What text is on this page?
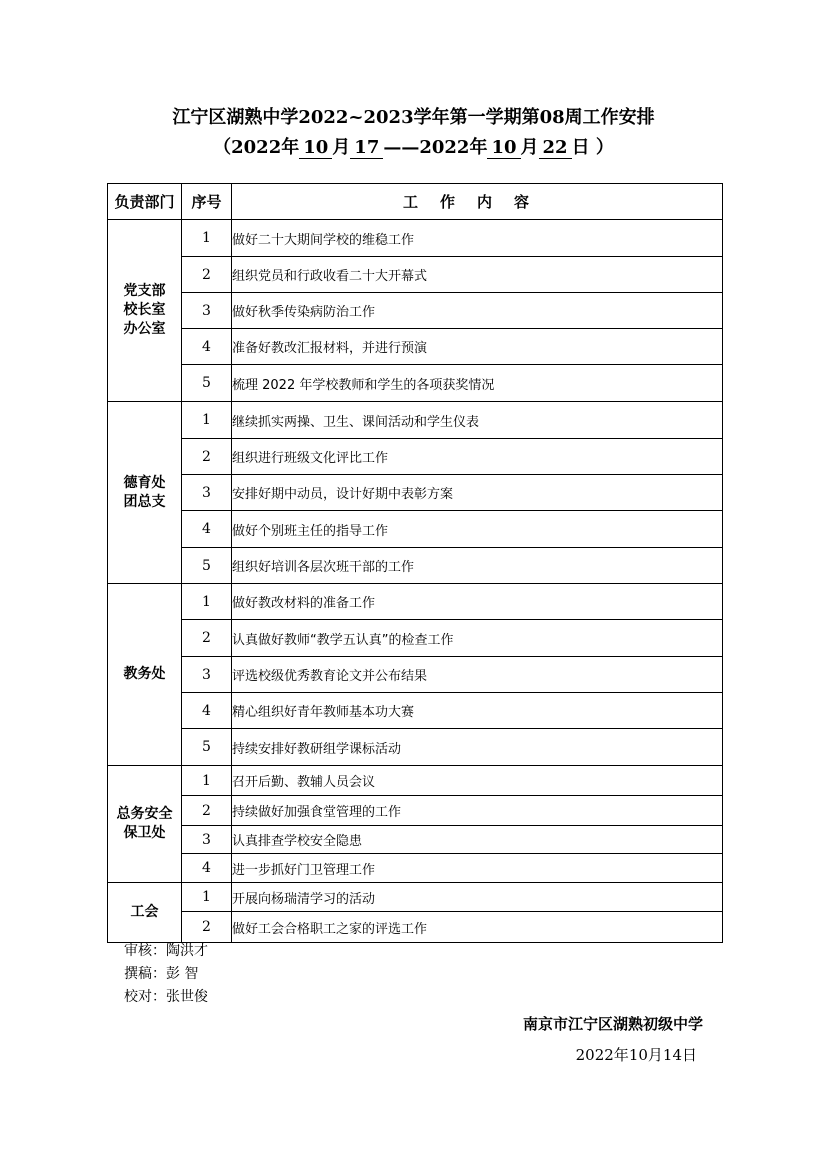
江宁区湖熟中学2022~2023学年第一学期第08周工作安排
（2022年 10 月 17 ——2022年 10 月 22 日 ）
负责部门	序号	工作内容

党支部
校长室
办公室	1	做好二十大期间学校的维稳工作
	2	组织党员和行政收看二十大开幕式
	3	做好秋季传染病防治工作
	4	准备好教改汇报材料，并进行预演
	5	梳理 2022 年学校教师和学生的各项获奖情况

德育处
团总支	1	继续抓实两操、卫生、课间活动和学生仪表
	2	组织进行班级文化评比工作
	3	安排好期中动员，设计好期中表彰方案
	4	做好个别班主任的指导工作
	5	组织好培训各层次班干部的工作

教务处	1	做好教改材料的准备工作
	2	认真做好教师“教学五认真”的检查工作
	3	评选校级优秀教育论文并公布结果
	4	精心组织好青年教师基本功大赛
	5	持续安排好教研组学课标活动

总务安全
保卫处	1	召开后勤、教辅人员会议
	2	持续做好加强食堂管理的工作
	3	认真排查学校安全隐患
	4	进一步抓好门卫管理工作

工会	1	开展向杨瑞清学习的活动
	2	做好工会合格职工之家的评选工作
审核：陶洪才
撰稿：彭 智
校对：张世俊
南京市江宁区湖熟初级中学
2022年10月14日
